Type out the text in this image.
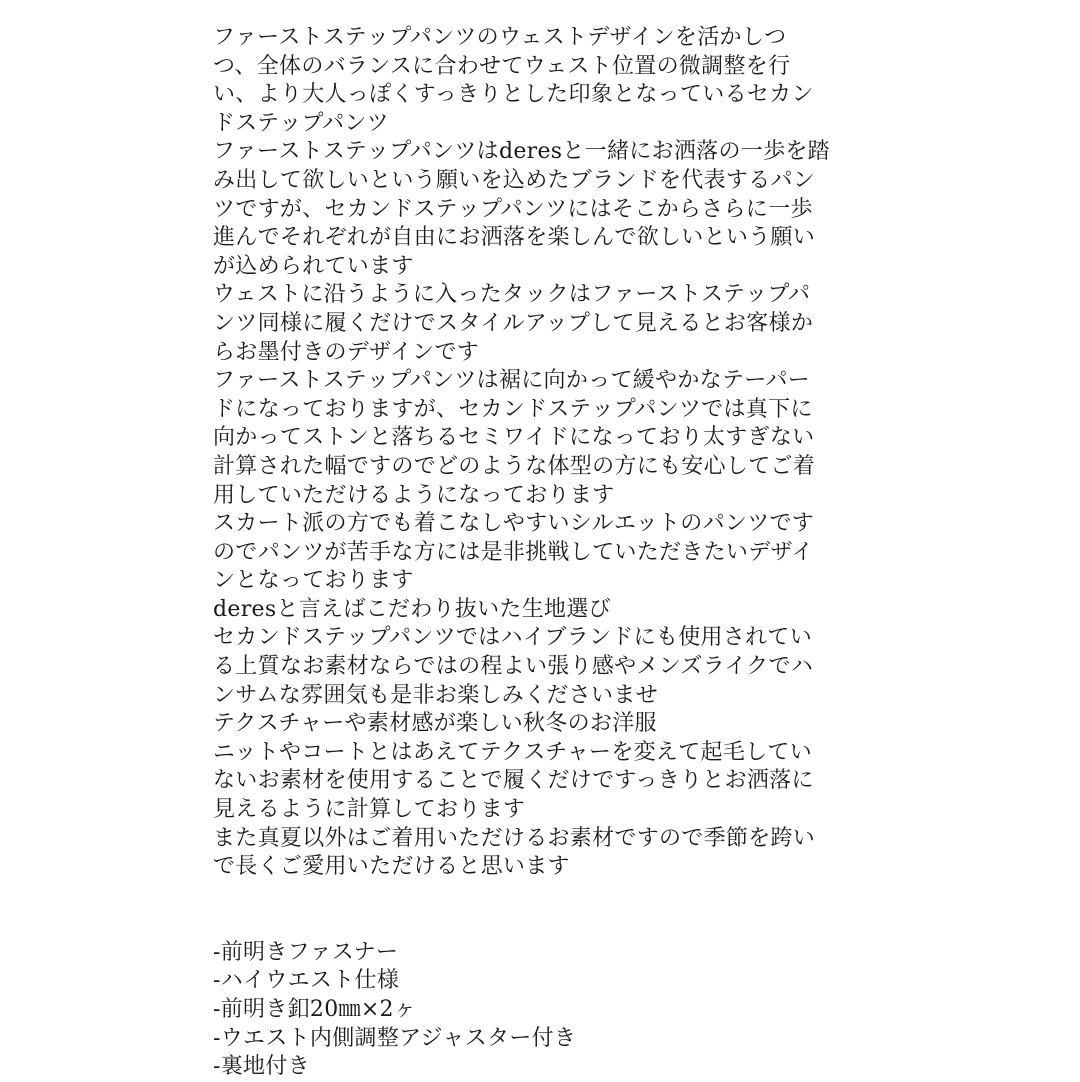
ファーストステップパンツのウェストデザインを活かしつ
つ、全体のバランスに合わせてウェスト位置の微調整を行
い、より大人っぽくすっきりとした印象となっているセカン
ドステップパンツ

ファーストステップパンツはderesと一緒にお洒落の一歩を踏
み出して欲しいという願いを込めたブランドを代表するパン
ツですが、セカンドステップパンツにはそこからさらに一歩
進んでそれぞれが自由にお洒落を楽しんで欲しいという願い
が込められています

ウェストに沿うように入ったタックはファーストステップパ
ンツ同様に履くだけでスタイルアップして見えるとお客様か
らお墨付きのデザインです

ファーストステップパンツは裾に向かって緩やかなテーパー
ドになっておりますが、セカンドステップパンツでは真下に
向かってストンと落ちるセミワイドになっており太すぎない
計算された幅ですのでどのような体型の方にも安心してご着
用していただけるようになっております

スカート派の方でも着こなしやすいシルエットのパンツです
のでパンツが苦手な方には是非挑戦していただきたいデザイ
ンとなっております

deresと言えばこだわり抜いた生地選び

セカンドステップパンツではハイブランドにも使用されてい
る上質なお素材ならではの程よい張り感やメンズライクでハ
ンサムな雰囲気も是非お楽しみくださいませ

テクスチャーや素材感が楽しい秋冬のお洋服

ニットやコートとはあえてテクスチャーを変えて起毛してい
ないお素材を使用することで履くだけですっきりとお洒落に
見えるように計算しております

また真夏以外はご着用いただけるお素材ですので季節を跨い
で長くご愛用いただけると思います

-前明きファスナー
-ハイウエスト仕様
-前明き釦20㎜×2ヶ
-ウエスト内側調整アジャスター付き
-裏地付き
